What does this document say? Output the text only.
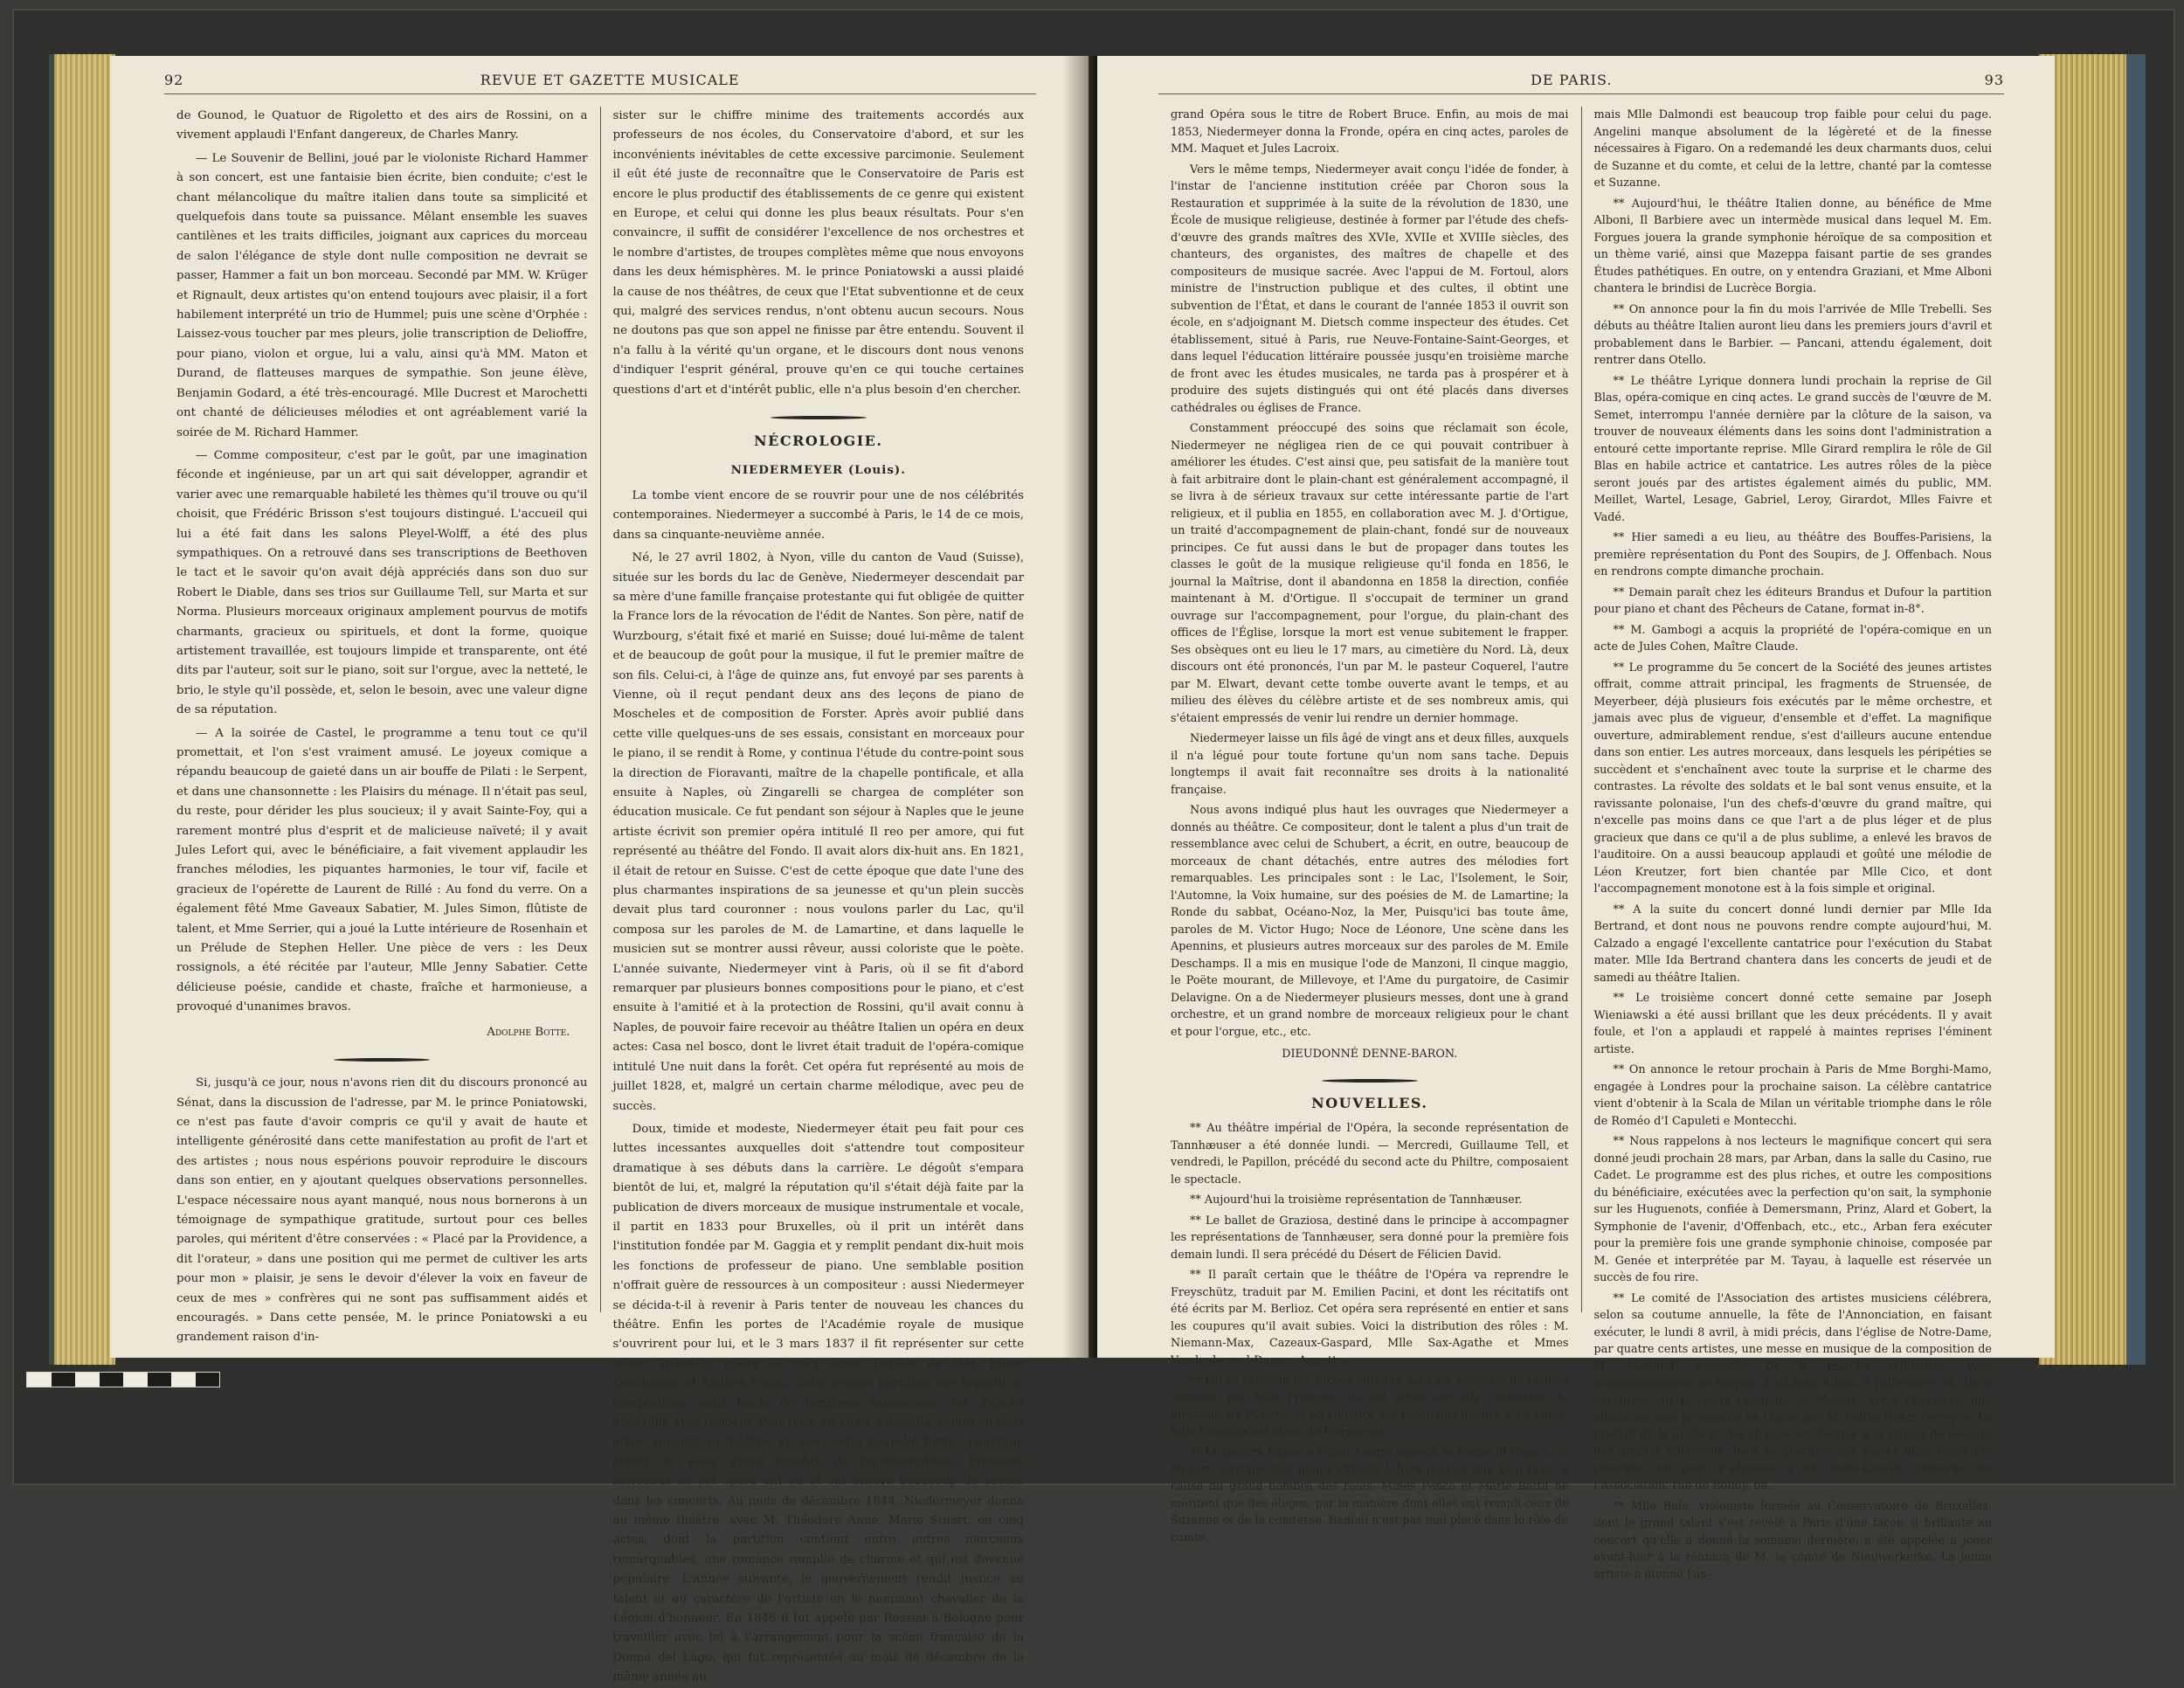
92	REVUE ET GAZETTE MUSICALE

de Gounod, le Quatuor de Rigoletto et des airs de Rossini, on a vivement applaudi l'Enfant dangereux, de Charles Manry.

— Le Souvenir de Bellini, joué par le violoniste Richard Hammer à son concert, est une fantaisie bien écrite, bien conduite; c'est le chant mélancolique du maître italien dans toute sa simplicité et quelquefois dans toute sa puissance. Mêlant ensemble les suaves cantilènes et les traits difficiles, joignant aux caprices du morceau de salon l'élégance de style dont nulle composition ne devrait se passer, Hammer a fait un bon morceau. Secondé par MM. W. Krüger et Rignault, deux artistes qu'on entend toujours avec plaisir, il a fort habilement interprété un trio de Hummel; puis une scène d'Orphée : Laissez-vous toucher par mes pleurs, jolie transcription de Delioffre, pour piano, violon et orgue, lui a valu, ainsi qu'à MM. Maton et Durand, de flatteuses marques de sympathie. Son jeune élève, Benjamin Godard, a été très-encouragé. Mlle Ducrest et Marochetti ont chanté de délicieuses mélodies et ont agréablement varié la soirée de M. Richard Hammer.

— Comme compositeur, c'est par le goût, par une imagination féconde et ingénieuse, par un art qui sait développer, agrandir et varier avec une remarquable habileté les thèmes qu'il trouve ou qu'il choisit, que Frédéric Brisson s'est toujours distingué. L'accueil qui lui a été fait dans les salons Pleyel-Wolff, a été des plus sympathiques. On a retrouvé dans ses transcriptions de Beethoven le tact et le savoir qu'on avait déjà appréciés dans son duo sur Robert le Diable, dans ses trios sur Guillaume Tell, sur Marta et sur Norma. Plusieurs morceaux originaux amplement pourvus de motifs charmants, gracieux ou spirituels, et dont la forme, quoique artistement travaillée, est toujours limpide et transparente, ont été dits par l'auteur, soit sur le piano, soit sur l'orgue, avec la netteté, le brio, le style qu'il possède, et, selon le besoin, avec une valeur digne de sa réputation.

— A la soirée de Castel, le programme a tenu tout ce qu'il promettait, et l'on s'est vraiment amusé. Le joyeux comique a répandu beaucoup de gaieté dans un air bouffe de Pilati : le Serpent, et dans une chansonnette : les Plaisirs du ménage. Il n'était pas seul, du reste, pour dérider les plus soucieux; il y avait Sainte-Foy, qui a rarement montré plus d'esprit et de malicieuse naïveté; il y avait Jules Lefort qui, avec le bénéficiaire, a fait vivement applaudir les franches mélodies, les piquantes harmonies, le tour vif, facile et gracieux de l'opérette de Laurent de Rillé : Au fond du verre. On a également fêté Mme Gaveaux Sabatier, M. Jules Simon, flûtiste de talent, et Mme Serrier, qui a joué la Lutte intérieure de Rosenhain et un Prélude de Stephen Heller. Une pièce de vers : les Deux rossignols, a été récitée par l'auteur, Mlle Jenny Sabatier. Cette délicieuse poésie, candide et chaste, fraîche et harmonieuse, a provoqué d'unanimes bravos.

Adolphe Botte.

Si, jusqu'à ce jour, nous n'avons rien dit du discours prononcé au Sénat, dans la discussion de l'adresse, par M. le prince Poniatowski, ce n'est pas faute d'avoir compris ce qu'il y avait de haute et intelligente générosité dans cette manifestation au profit de l'art et des artistes ; nous nous espérions pouvoir reproduire le discours dans son entier, en y ajoutant quelques observations personnelles. L'espace nécessaire nous ayant manqué, nous nous bornerons à un témoignage de sympathique gratitude, surtout pour ces belles paroles, qui méritent d'être conservées : « Placé par la Providence, a dit l'orateur, » dans une position qui me permet de cultiver les arts pour mon » plaisir, je sens le devoir d'élever la voix en faveur de ceux de mes » confrères qui ne sont pas suffisamment aidés et encouragés. » Dans cette pensée, M. le prince Poniatowski a eu grandement raison d'in-

sister sur le chiffre minime des traitements accordés aux professeurs de nos écoles, du Conservatoire d'abord, et sur les inconvénients inévitables de cette excessive parcimonie. Seulement il eût été juste de reconnaître que le Conservatoire de Paris est encore le plus productif des établissements de ce genre qui existent en Europe, et celui qui donne les plus beaux résultats. Pour s'en convaincre, il suffit de considérer l'excellence de nos orchestres et le nombre d'artistes, de troupes complètes même que nous envoyons dans les deux hémisphères. M. le prince Poniatowski a aussi plaidé la cause de nos théâtres, de ceux que l'Etat subventionne et de ceux qui, malgré des services rendus, n'ont obtenu aucun secours. Nous ne doutons pas que son appel ne finisse par être entendu. Souvent il n'a fallu à la vérité qu'un organe, et le discours dont nous venons d'indiquer l'esprit général, prouve qu'en ce qui touche certaines questions d'art et d'intérêt public, elle n'a plus besoin d'en chercher.

NÉCROLOGIE.
NIEDERMEYER (Louis).

La tombe vient encore de se rouvrir pour une de nos célébrités contemporaines. Niedermeyer a succombé à Paris, le 14 de ce mois, dans sa cinquante-neuvième année.

Né, le 27 avril 1802, à Nyon, ville du canton de Vaud (Suisse), située sur les bords du lac de Genève, Niedermeyer descendait par sa mère d'une famille française protestante qui fut obligée de quitter la France lors de la révocation de l'édit de Nantes. Son père, natif de Wurzbourg, s'était fixé et marié en Suisse; doué lui-même de talent et de beaucoup de goût pour la musique, il fut le premier maître de son fils. Celui-ci, à l'âge de quinze ans, fut envoyé par ses parents à Vienne, où il reçut pendant deux ans des leçons de piano de Moscheles et de composition de Forster. Après avoir publié dans cette ville quelques-uns de ses essais, consistant en morceaux pour le piano, il se rendit à Rome, y continua l'étude du contre-point sous la direction de Fioravanti, maître de la chapelle pontificale, et alla ensuite à Naples, où Zingarelli se chargea de compléter son éducation musicale. Ce fut pendant son séjour à Naples que le jeune artiste écrivit son premier opéra intitulé Il reo per amore, qui fut représenté au théâtre del Fondo. Il avait alors dix-huit ans. En 1821, il était de retour en Suisse. C'est de cette époque que date l'une des plus charmantes inspirations de sa jeunesse et qu'un plein succès devait plus tard couronner : nous voulons parler du Lac, qu'il composa sur les paroles de M. de Lamartine, et dans laquelle le musicien sut se montrer aussi rêveur, aussi coloriste que le poète. L'année suivante, Niedermeyer vint à Paris, où il se fit d'abord remarquer par plusieurs bonnes compositions pour le piano, et c'est ensuite à l'amitié et à la protection de Rossini, qu'il avait connu à Naples, de pouvoir faire recevoir au théâtre Italien un opéra en deux actes: Casa nel bosco, dont le livret était traduit de l'opéra-comique intitulé Une nuit dans la forêt. Cet opéra fut représenté au mois de juillet 1828, et, malgré un certain charme mélodique, avec peu de succès.

Doux, timide et modeste, Niedermeyer était peu fait pour ces luttes incessantes auxquelles doit s'attendre tout compositeur dramatique à ses débuts dans la carrière. Le dégoût s'empara bientôt de lui, et, malgré la réputation qu'il s'était déjà faite par la publication de divers morceaux de musique instrumentale et vocale, il partit en 1833 pour Bruxelles, où il prit un intérêt dans l'institution fondée par M. Gaggia et y remplit pendant dix-huit mois les fonctions de professeur de piano. Une semblable position n'offrait guère de ressources à un compositeur : aussi Niedermeyer se décida-t-il à revenir à Paris tenter de nouveau les chances du théâtre. Enfin les portes de l'Académie royale de musique s'ouvrirent pour lui, et le 3 mars 1837 il fit représenter sur cette scène Stradella, opéra en cinq actes, paroles de MM. Emile Deschamps et Emilien Pacini. Cette grande partition, sur laquelle le compositeur avait fondé de légitimes espérances, fut d'abord accueillie avec froideur. Plus tard, en 1843, Stradella, réduit en trois actes, reparut au théâtre, et, sous cette nouvelle forme, l'ouvrage obtint un assez grand nombre de représentations. Plusieurs morceaux de cet opéra ont eu et ont encore beaucoup de succès dans les concerts. Au mois de décembre 1844, Niedermeyer donna au même théâtre, avec M. Théodore Anne, Marie Stuart, en cinq actes, dont la partition contient entre autres morceaux remarquables, une romance remplie de charme et qui est devenue populaire. L'année suivante, le gouvernement rendit justice au talent et au caractère de l'artiste en le nommant chevalier de la Légion d'honneur. En 1846 il fut appelé par Rossini à Bologne pour travailler avec lui à l'arrangement pour la scène française de la Donna del Lago, qui fut représentée au mois de décembre de la même année au

DE PARIS.	93

grand Opéra sous le titre de Robert Bruce. Enfin, au mois de mai 1853, Niedermeyer donna la Fronde, opéra en cinq actes, paroles de MM. Maquet et Jules Lacroix.

Vers le même temps, Niedermeyer avait conçu l'idée de fonder, à l'instar de l'ancienne institution créée par Choron sous la Restauration et supprimée à la suite de la révolution de 1830, une École de musique religieuse, destinée à former par l'étude des chefs-d'œuvre des grands maîtres des XVIe, XVIIe et XVIIIe siècles, des chanteurs, des organistes, des maîtres de chapelle et des compositeurs de musique sacrée. Avec l'appui de M. Fortoul, alors ministre de l'instruction publique et des cultes, il obtint une subvention de l'État, et dans le courant de l'année 1853 il ouvrit son école, en s'adjoignant M. Dietsch comme inspecteur des études. Cet établissement, situé à Paris, rue Neuve-Fontaine-Saint-Georges, et dans lequel l'éducation littéraire poussée jusqu'en troisième marche de front avec les études musicales, ne tarda pas à prospérer et à produire des sujets distingués qui ont été placés dans diverses cathédrales ou églises de France.

Constamment préoccupé des soins que réclamait son école, Niedermeyer ne négligea rien de ce qui pouvait contribuer à améliorer les études. C'est ainsi que, peu satisfait de la manière tout à fait arbitraire dont le plain-chant est généralement accompagné, il se livra à de sérieux travaux sur cette intéressante partie de l'art religieux, et il publia en 1855, en collaboration avec M. J. d'Ortigue, un traité d'accompagnement de plain-chant, fondé sur de nouveaux principes. Ce fut aussi dans le but de propager dans toutes les classes le goût de la musique religieuse qu'il fonda en 1856, le journal la Maîtrise, dont il abandonna en 1858 la direction, confiée maintenant à M. d'Ortigue. Il s'occupait de terminer un grand ouvrage sur l'accompagnement, pour l'orgue, du plain-chant des offices de l'Église, lorsque la mort est venue subitement le frapper. Ses obsèques ont eu lieu le 17 mars, au cimetière du Nord. Là, deux discours ont été prononcés, l'un par M. le pasteur Coquerel, l'autre par M. Elwart, devant cette tombe ouverte avant le temps, et au milieu des élèves du célèbre artiste et de ses nombreux amis, qui s'étaient empressés de venir lui rendre un dernier hommage.

Niedermeyer laisse un fils âgé de vingt ans et deux filles, auxquels il n'a légué pour toute fortune qu'un nom sans tache. Depuis longtemps il avait fait reconnaître ses droits à la nationalité française.

Nous avons indiqué plus haut les ouvrages que Niedermeyer a donnés au théâtre. Ce compositeur, dont le talent a plus d'un trait de ressemblance avec celui de Schubert, a écrit, en outre, beaucoup de morceaux de chant détachés, entre autres des mélodies fort remarquables. Les principales sont : le Lac, l'Isolement, le Soir, l'Automne, la Voix humaine, sur des poésies de M. de Lamartine; la Ronde du sabbat, Océano-Noz, la Mer, Puisqu'ici bas toute âme, paroles de M. Victor Hugo; Noce de Léonore, Une scène dans les Apennins, et plusieurs autres morceaux sur des paroles de M. Emile Deschamps. Il a mis en musique l'ode de Manzoni, Il cinque maggio, le Poëte mourant, de Millevoye, et l'Ame du purgatoire, de Casimir Delavigne. On a de Niedermeyer plusieurs messes, dont une à grand orchestre, et un grand nombre de morceaux religieux pour le chant et pour l'orgue, etc., etc.

DIEUDONNÉ DENNE-BARON.
NOUVELLES.

** Au théâtre impérial de l'Opéra, la seconde représentation de Tannhæuser a été donnée lundi. — Mercredi, Guillaume Tell, et vendredi, le Papillon, précédé du second acte du Philtre, composaient le spectacle.

** Aujourd'hui la troisième représentation de Tannhæuser.

** Le ballet de Graziosa, destiné dans le principe à accompagner les représentations de Tannhæuser, sera donné pour la première fois demain lundi. Il sera précédé du Désert de Félicien David.

** Il paraît certain que le théâtre de l'Opéra va reprendre le Freyschütz, traduit par M. Emilien Pacini, et dont les récitatifs ont été écrits par M. Berlioz. Cet opéra sera représenté en entier et sans les coupures qu'il avait subies. Voici la distribution des rôles : M. Niemann-Max, Cazeaux-Gaspard, Mlle Sax-Agathe et Mmes Vandenheuvel-Duprez-Annette.

** On se rappelle les succès obtenus dans les concerts de l'année dernière par Mlle François; ils ont attiré sur elle l'attention du directeur de l'Opéra, et on annonce ses prochains débuts dans Lucia. Mlle François est élève de Piermarini.

** Le théâtre Italien a repris l'autre samedi, le Nozze di Figaro, de Mozart, ouvrage non moins difficile à bien monter que Don Juan, à cause du grand nombre des rôles. Mmes Penco et Marie Battu ne méritent que des éloges, par la manière dont elles ont rempli ceux de Suzanne et de la comtesse. Badiali n'est pas mal placé dans le rôle du comte,

mais Mlle Dalmondi est beaucoup trop faible pour celui du page. Angelini manque absolument de la légèreté et de la finesse nécessaires à Figaro. On a redemandé les deux charmants duos, celui de Suzanne et du comte, et celui de la lettre, chanté par la comtesse et Suzanne.

** Aujourd'hui, le théâtre Italien donne, au bénéfice de Mme Alboni, Il Barbiere avec un intermède musical dans lequel M. Em. Forgues jouera la grande symphonie héroïque de sa composition et un thème varié, ainsi que Mazeppa faisant partie de ses grandes Études pathétiques. En outre, on y entendra Graziani, et Mme Alboni chantera le brindisi de Lucrèce Borgia.

** On annonce pour la fin du mois l'arrivée de Mlle Trebelli. Ses débuts au théâtre Italien auront lieu dans les premiers jours d'avril et probablement dans le Barbier. — Pancani, attendu également, doit rentrer dans Otello.

** Le théâtre Lyrique donnera lundi prochain la reprise de Gil Blas, opéra-comique en cinq actes. Le grand succès de l'œuvre de M. Semet, interrompu l'année dernière par la clôture de la saison, va trouver de nouveaux éléments dans les soins dont l'administration a entouré cette importante reprise. Mlle Girard remplira le rôle de Gil Blas en habile actrice et cantatrice. Les autres rôles de la pièce seront joués par des artistes également aimés du public, MM. Meillet, Wartel, Lesage, Gabriel, Leroy, Girardot, Mlles Faivre et Vadé.

** Hier samedi a eu lieu, au théâtre des Bouffes-Parisiens, la première représentation du Pont des Soupirs, de J. Offenbach. Nous en rendrons compte dimanche prochain.

** Demain paraît chez les éditeurs Brandus et Dufour la partition pour piano et chant des Pêcheurs de Catane, format in-8°.

** M. Gambogi a acquis la propriété de l'opéra-comique en un acte de Jules Cohen, Maître Claude.

** Le programme du 5e concert de la Société des jeunes artistes offrait, comme attrait principal, les fragments de Struensée, de Meyerbeer, déjà plusieurs fois exécutés par le même orchestre, et jamais avec plus de vigueur, d'ensemble et d'effet. La magnifique ouverture, admirablement rendue, s'est d'ailleurs aucune entendue dans son entier. Les autres morceaux, dans lesquels les péripéties se succèdent et s'enchaînent avec toute la surprise et le charme des contrastes. La révolte des soldats et le bal sont venus ensuite, et la ravissante polonaise, l'un des chefs-d'œuvre du grand maître, qui n'excelle pas moins dans ce que l'art a de plus léger et de plus gracieux que dans ce qu'il a de plus sublime, a enlevé les bravos de l'auditoire. On a aussi beaucoup applaudi et goûté une mélodie de Léon Kreutzer, fort bien chantée par Mlle Cico, et dont l'accompagnement monotone est à la fois simple et original.

** A la suite du concert donné lundi dernier par Mlle Ida Bertrand, et dont nous ne pouvons rendre compte aujourd'hui, M. Calzado a engagé l'excellente cantatrice pour l'exécution du Stabat mater. Mlle Ida Bertrand chantera dans les concerts de jeudi et de samedi au théâtre Italien.

** Le troisième concert donné cette semaine par Joseph Wieniawski a été aussi brillant que les deux précédents. Il y avait foule, et l'on a applaudi et rappelé à maintes reprises l'éminent artiste.

** On annonce le retour prochain à Paris de Mme Borghi-Mamo, engagée à Londres pour la prochaine saison. La célèbre cantatrice vient d'obtenir à la Scala de Milan un véritable triomphe dans le rôle de Roméo d'I Capuleti e Montecchi.

** Nous rappelons à nos lecteurs le magnifique concert qui sera donné jeudi prochain 28 mars, par Arban, dans la salle du Casino, rue Cadet. Le programme est des plus riches, et outre les compositions du bénéficiaire, exécutées avec la perfection qu'on sait, la symphonie sur les Huguenots, confiée à Demersmann, Prinz, Alard et Gobert, la Symphonie de l'avenir, d'Offenbach, etc., etc., Arban fera exécuter pour la première fois une grande symphonie chinoise, composée par M. Genée et interprétée par M. Tayau, à laquelle est réservée un succès de fou rire.

** Le comité de l'Association des artistes musiciens célébrera, selon sa coutume annuelle, la fête de l'Annonciation, en faisant exécuter, le lundi 8 avril, à midi précis, dans l'église de Notre-Dame, par quatre cents artistes, une messe en musique de la composition de M. Gastinel, précédée de la marche religieuse, avec accompagnement de harpes, d'Adolphe Adam. A l'offertoire, M. Alard exécutera sur le violon l'andante de Mozart. Après l'Évangile, une allocution sera prononcée en chaire par M. l'abbé Henri Perreyve. Le produit de la quête et des chaises est destiné à la Caisse de secours des artistes musiciens. Pour se procurer des places dans l'enceinte réservée, on peut s'adresser à M. Bolle-Lasalle, trésorier de l'Association, rue de Bondy, 68.

** Mlle Bido, violoniste formée au Conservatoire de Bruxelles, dont le grand talent s'est révélé à Paris d'une façon si brillante au concert qu'elle a donné la semaine dernière, a été appelée à jouer avant-hier à la réunion de M. le comte de Nieuwerkerke. La jeune artiste a étonné l'as-
